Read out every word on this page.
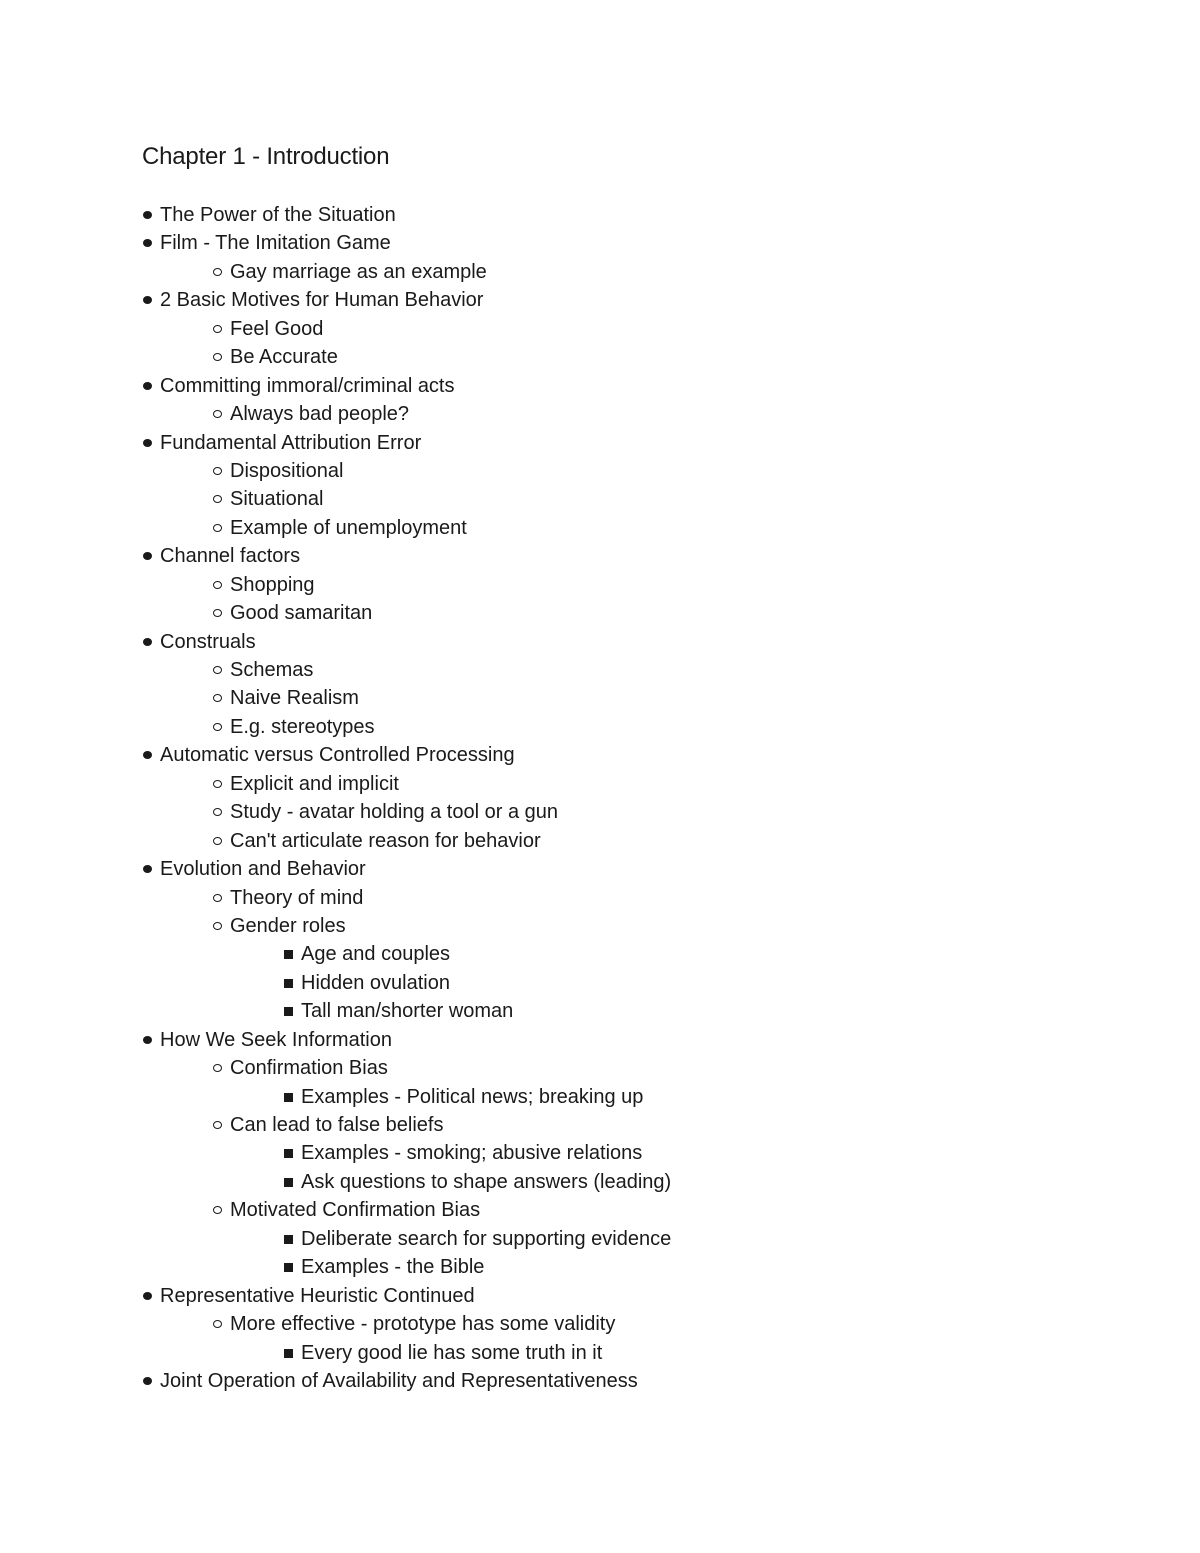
Chapter 1 - Introduction
The Power of the Situation
Film - The Imitation Game
Gay marriage as an example
2 Basic Motives for Human Behavior
Feel Good
Be Accurate
Committing immoral/criminal acts
Always bad people?
Fundamental Attribution Error
Dispositional
Situational
Example of unemployment
Channel factors
Shopping
Good samaritan
Construals
Schemas
Naive Realism
E.g. stereotypes
Automatic versus Controlled Processing
Explicit and implicit
Study - avatar holding a tool or a gun
Can't articulate reason for behavior
Evolution and Behavior
Theory of mind
Gender roles
Age and couples
Hidden ovulation
Tall man/shorter woman
How We Seek Information
Confirmation Bias
Examples - Political news; breaking up
Can lead to false beliefs
Examples - smoking; abusive relations
Ask questions to shape answers (leading)
Motivated Confirmation Bias
Deliberate search for supporting evidence
Examples - the Bible
Representative Heuristic Continued
More effective - prototype has some validity
Every good lie has some truth in it
Joint Operation of Availability and Representativeness
